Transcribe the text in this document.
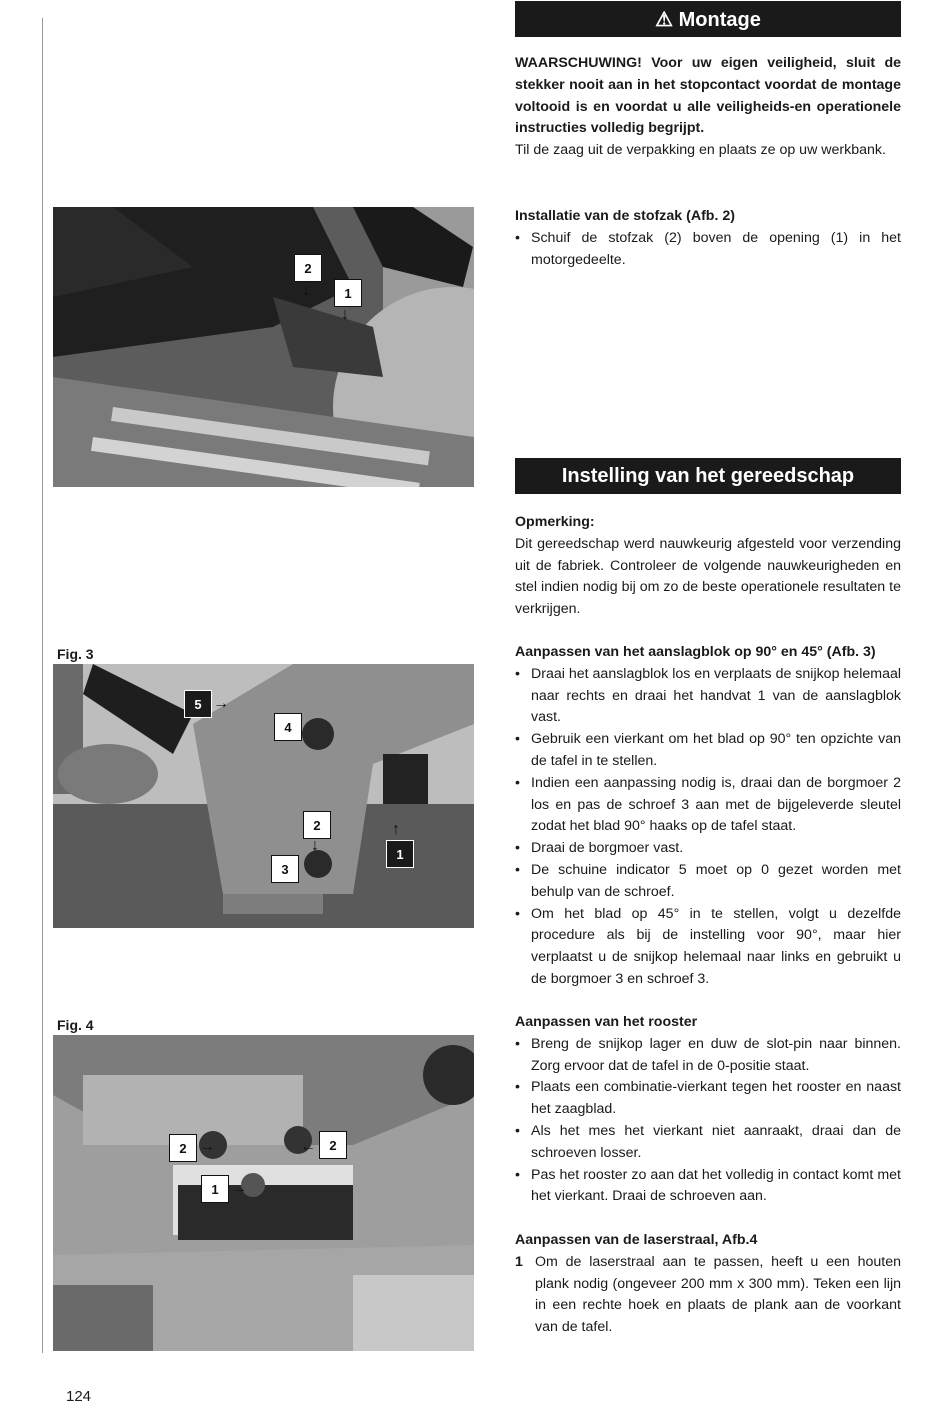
2
↓	1
↓
Fig. 3
5 →
4
2
↓
3
↑
1
Fig. 4
2 →	←	2
1 →
⚠ Montage

WAARSCHUWING! Voor uw eigen veiligheid, sluit de stekker nooit aan in het stopcontact voordat de montage voltooid is en voordat u alle veiligheids-en operationele instructies volledig begrijpt.

Til de zaag uit de verpakking en plaats ze op uw werkbank.

Installatie van de stofzak (Afb. 2)

• Schuif de stofzak (2) boven de opening (1) in het motorgedeelte.
Instelling van het gereedschap

Opmerking:

Dit gereedschap werd nauwkeurig afgesteld voor verzending uit de fabriek. Controleer de volgende nauwkeurigheden en stel indien nodig bij om zo de beste operationele resultaten te verkrijgen.

Aanpassen van het aanslagblok op 90° en 45° (Afb. 3)

• Draai het aanslagblok los en verplaats de snijkop helemaal naar rechts en draai het handvat 1 van de aanslagblok vast.
• Gebruik een vierkant om het blad op 90° ten opzichte van de tafel in te stellen.
• Indien een aanpassing nodig is, draai dan de borgmoer 2 los en pas de schroef 3 aan met de bijgeleverde sleutel zodat het blad 90° haaks op de tafel staat.
• Draai de borgmoer vast.
• De schuine indicator 5 moet op 0 gezet worden met behulp van de schroef.
• Om het blad op 45° in te stellen, volgt u dezelfde procedure als bij de instelling voor 90°, maar hier verplaatst u de snijkop helemaal naar links en gebruikt u de borgmoer 3 en schroef 3.

Aanpassen van het rooster

• Breng de snijkop lager en duw de slot-pin naar binnen. Zorg ervoor dat de tafel in de 0-positie staat.
• Plaats een combinatie-vierkant tegen het rooster en naast het zaagblad.
• Als het mes het vierkant niet aanraakt, draai dan de schroeven losser.
• Pas het rooster zo aan dat het volledig in contact komt met het vierkant. Draai de schroeven aan.

Aanpassen van de laserstraal, Afb.4

1 Om de laserstraal aan te passen, heeft u een houten plank nodig (ongeveer 200 mm x 300 mm). Teken een lijn in een rechte hoek en plaats de plank aan de voorkant van de tafel.
124
